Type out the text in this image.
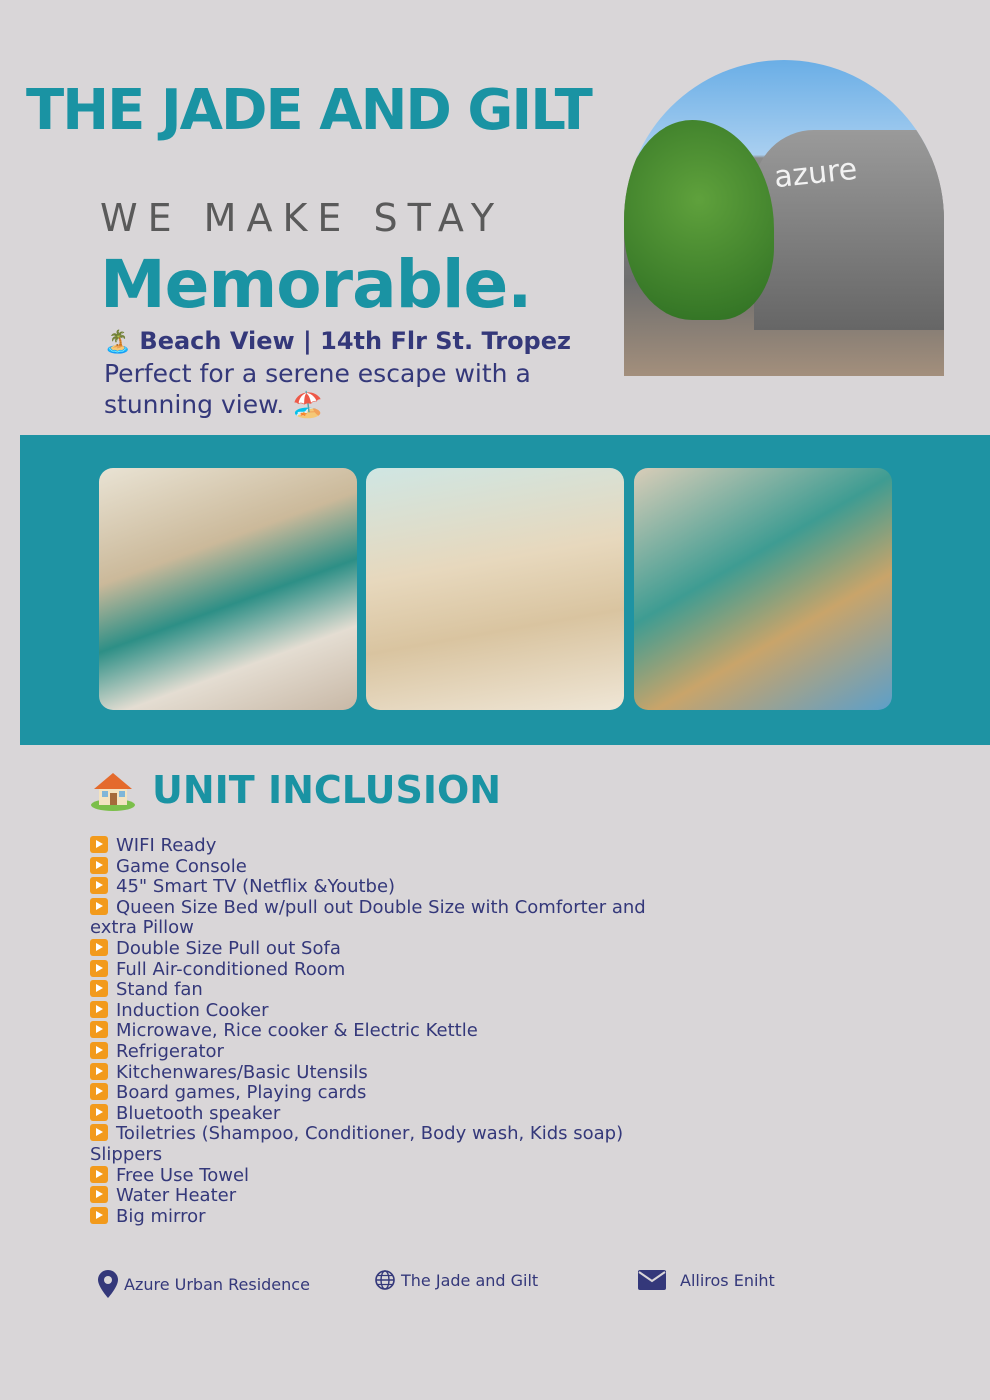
THE JADE AND GILT
WE MAKE STAY
Memorable.
🏝️ Beach View | 14th Flr St. Tropez

Perfect for a serene escape with a stunning view. 🏖️

azure
UNIT INCLUSION
WIFI Ready
Game Console
45" Smart TV (Netflix &Youtbe)
Queen Size Bed w/pull out Double Size with Comforter and extra Pillow
Double Size Pull out Sofa
Full Air-conditioned Room
Stand fan
Induction Cooker
Microwave, Rice cooker & Electric Kettle
Refrigerator
Kitchenwares/Basic Utensils
Board games, Playing cards
Bluetooth speaker
Toiletries (Shampoo, Conditioner, Body wash, Kids soap) Slippers
Free Use Towel
Water Heater
Big mirror
Azure Urban Residence	The Jade and Gilt	Alliros Eniht
